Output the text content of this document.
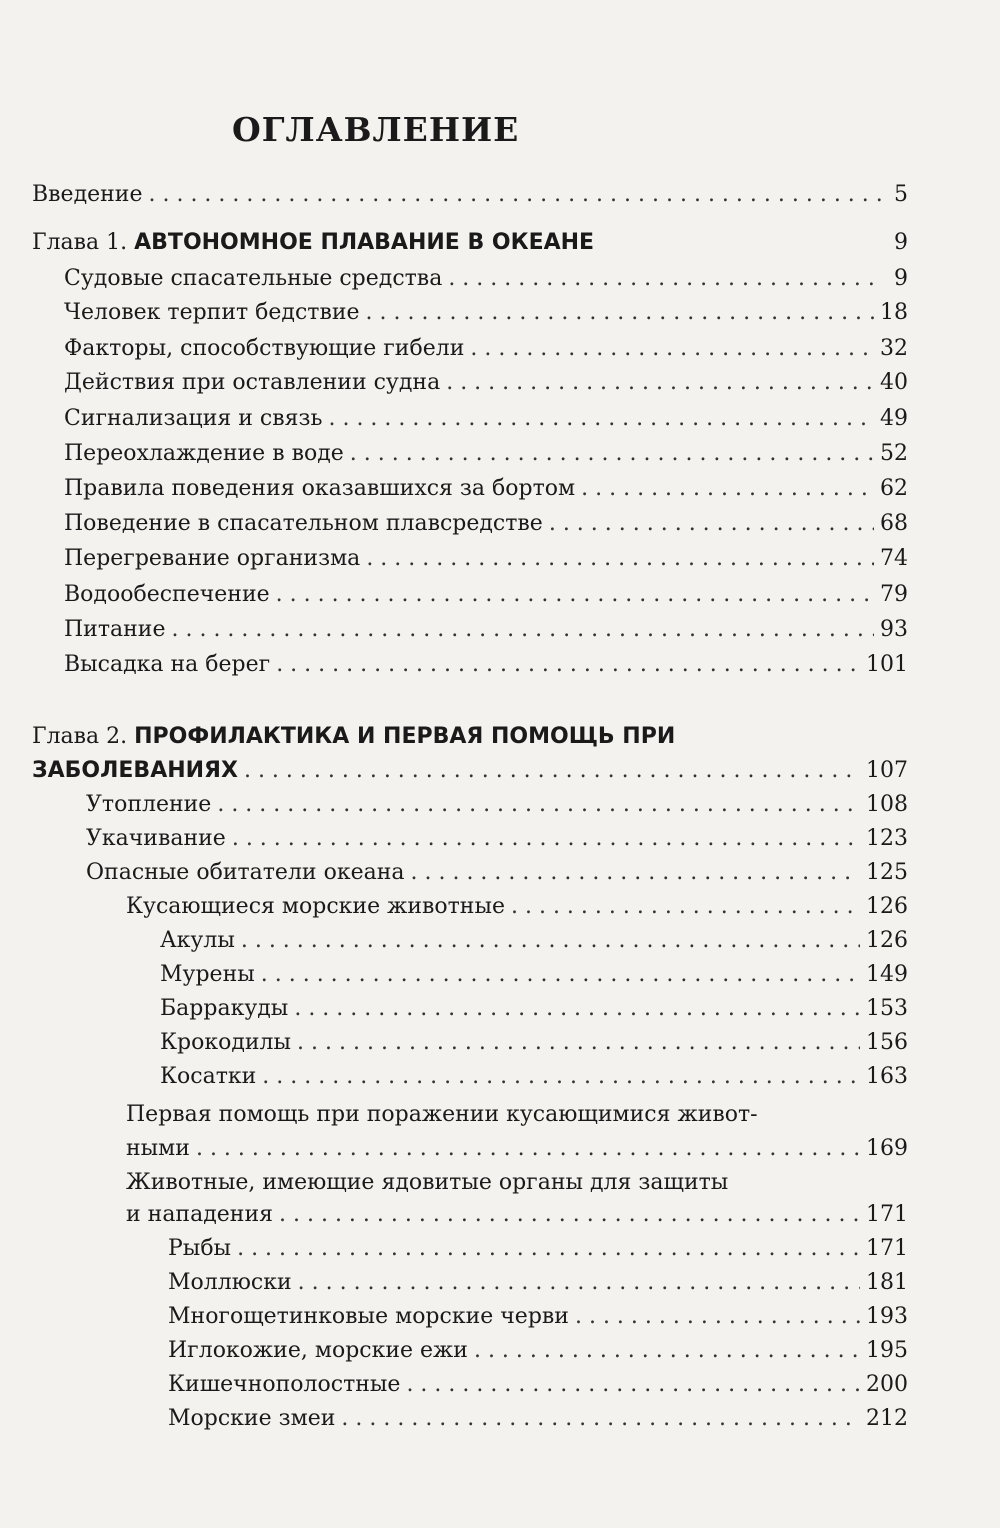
ОГЛАВЛЕНИЕ
Введение . . .	5
Глава 1. АВТОНОМНОЕ ПЛАВАНИЕ В ОКЕАНЕ	9
Судовые спасательные средства . . .	9
Человек терпит бедствие . . .	18
Факторы, способствующие гибели . . .	32
Действия при оставлении судна . . .	40
Сигнализация и связь . . .	49
Переохлаждение в воде . . .	52
Правила поведения оказавшихся за бортом . . .	62
Поведение в спасательном плавсредстве . . .	68
Перегревание организма . . .	74
Водообеспечение . . .	79
Питание . . .	93
Высадка на берег . . .	101
Глава 2. ПРОФИЛАКТИКА И ПЕРВАЯ ПОМОЩЬ ПРИ
ЗАБОЛЕВАНИЯХ . . .	107
Утопление . . .	108
Укачивание . . .	123
Опасные обитатели океана . . .	125
Кусающиеся морские животные . . .	126
Акулы . . .	126
Мурены . . .	149
Барракуды . . .	153
Крокодилы . . .	156
Косатки . . .	163
Первая помощь при поражении кусающимися живот-
ными . . .	169
Животные, имеющие ядовитые органы для защиты
и нападения . . .	171
Рыбы . . .	171
Моллюски . . .	181
Многощетинковые морские черви . . .	193
Иглокожие, морские ежи . . .	195
Кишечнополостные . . .	200
Морские змеи . . .	212
